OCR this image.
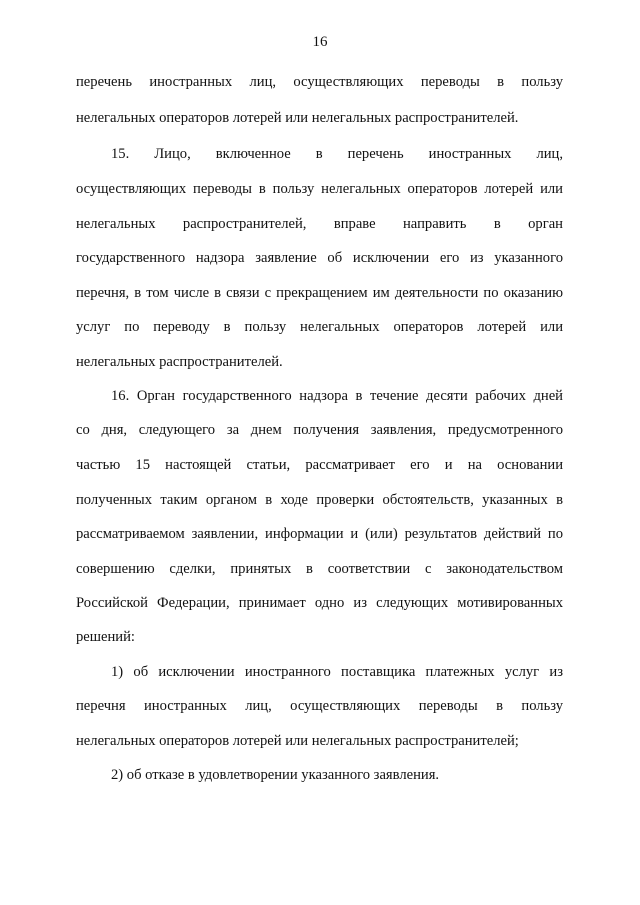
16
перечень иностранных лиц, осуществляющих переводы в пользу
нелегальных операторов лотерей или нелегальных распространителей.
15. Лицо, включенное в перечень иностранных лиц,
осуществляющих переводы в пользу нелегальных операторов лотерей или
нелегальных распространителей, вправе направить в орган
государственного надзора заявление об исключении его из указанного
перечня, в том числе в связи с прекращением им деятельности по оказанию
услуг по переводу в пользу нелегальных операторов лотерей или
нелегальных распространителей.
16. Орган государственного надзора в течение десяти рабочих дней
со дня, следующего за днем получения заявления, предусмотренного
частью 15 настоящей статьи, рассматривает его и на основании
полученных таким органом в ходе проверки обстоятельств, указанных в
рассматриваемом заявлении, информации и (или) результатов действий по
совершению сделки, принятых в соответствии с законодательством
Российской Федерации, принимает одно из следующих мотивированных
решений:
1) об исключении иностранного поставщика платежных услуг из
перечня иностранных лиц, осуществляющих переводы в пользу
нелегальных операторов лотерей или нелегальных распространителей;
2) об отказе в удовлетворении указанного заявления.
